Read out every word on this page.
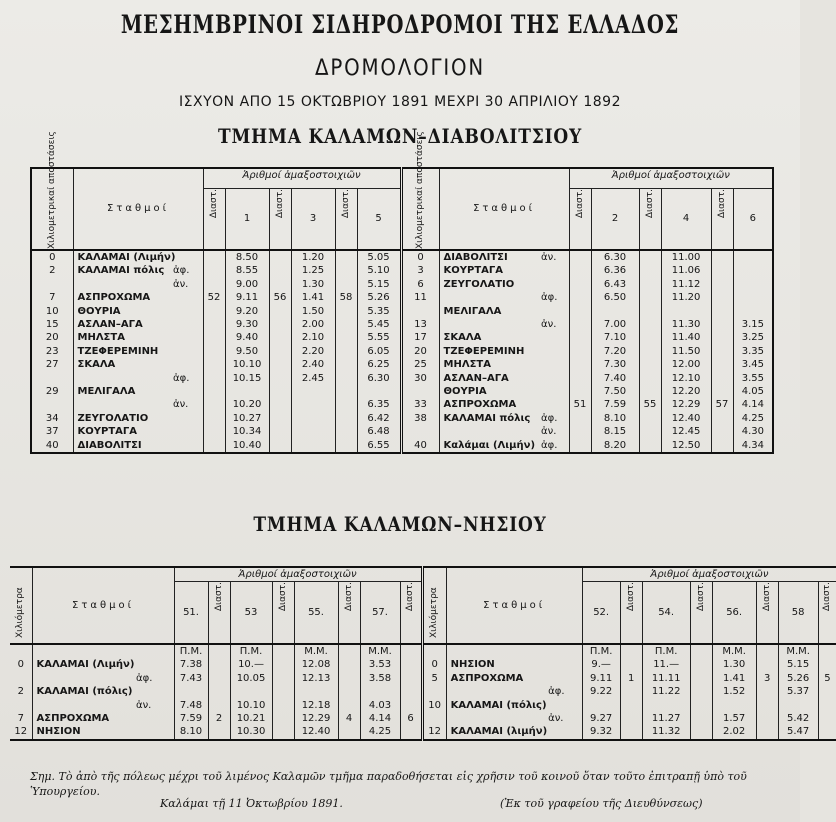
ΜΕΣΗΜΒΡΙΝΟΙ ΣΙΔΗΡΟΔΡΟΜΟΙ ΤΗΣ ΕΛΛΑΔΟΣ
ΔΡΟΜΟΛΟΓΙΟΝ
ΙΣΧΥΟΝ ΑΠΟ 15 ΟΚΤΩΒΡΙΟΥ 1891 ΜΕΧΡΙ 30 ΑΠΡΙΛΙΟΥ 1892
ΤΜΗΜΑ ΚΑΛΑΜΩΝ–ΔΙΑΒΟΛΙΤΣΙΟΥ
Χιλιομετρικαί αποστάσεις	Σταθμοί		Ἀριθμοί ἁμαξοστοιχιῶν						Χιλιομετρικαί αποστάσεις	Σταθμοί		Ἀριθμοί ἁμαξοστοιχιῶν					

			Διαστ.	1	Διαστ.	3	Διαστ.	5				Διαστ.	2	Διαστ.	4	Διαστ.	6
0	ΚΑΛΑΜΑΙ (Λιμήν)			8.50		1.20		5.05	0	ΔΙΑΒΟΛΙΤΣΙ	ἀν.		6.30		11.00		
2	ΚΑΛΑΜΑΙ πόλις	ἀφ.		8.55		1.25		5.10	3	ΚΟΥΡΤΑΓΑ			6.36		11.06		
		ἀν.		9.00		1.30		5.15	6	ΖΕΥΓΟΛΑΤΙΟ			6.43		11.12		
7	ΑΣΠΡΟΧΩΜΑ		52	9.11	56	1.41	58	5.26	11		ἀφ.		6.50		11.20		
10	ΘΟΥΡΙΑ			9.20		1.50		5.35		ΜΕΛΙΓΑΛΑ							
15	ΑΣΛΑΝ–ΑΓΑ			9.30		2.00		5.45	13		ἀν.		7.00		11.30		3.15
20	ΜΗΛΣΤΑ			9.40		2.10		5.55	17	ΣΚΑΛΑ			7.10		11.40		3.25
23	ΤΖΕΦΕΡΕΜΙΝΗ			9.50		2.20		6.05	20	ΤΖΕΦΕΡΕΜΙΝΗ			7.20		11.50		3.35
27	ΣΚΑΛΑ			10.10		2.40		6.25	25	ΜΗΛΣΤΑ			7.30		12.00		3.45
		ἀφ.		10.15		2.45		6.30	30	ΑΣΛΑΝ–ΑΓΑ			7.40		12.10		3.55
29	ΜΕΛΙΓΑΛΑ									ΘΟΥΡΙΑ			7.50		12.20		4.05
		ἀν.		10.20				6.35	33	ΑΣΠΡΟΧΩΜΑ		51	7.59	55	12.29	57	4.14
34	ΖΕΥΓΟΛΑΤΙΟ			10.27				6.42	38	ΚΑΛΑΜΑΙ πόλις	ἀφ.		8.10		12.40		4.25
37	ΚΟΥΡΤΑΓΑ			10.34				6.48			ἀν.		8.15		12.45		4.30
40	ΔΙΑΒΟΛΙΤΣΙ			10.40				6.55	40	Καλάμαι (Λιμήν)	ἀφ.		8.20		12.50		4.34
ΤΜΗΜΑ ΚΑΛΑΜΩΝ–ΝΗΣΙΟΥ
Χιλιόμετρα	Σταθμοί		Ἀριθμοί ἁμαξοστοιχιῶν								Χιλιόμετρα	Σταθμοί		Ἀριθμοί ἁμαξοστοιχιῶν							
			51.	Διαστ.	53	Διαστ.	55.	Διαστ.	57.	Διαστ.				52.	Διαστ.	54.	Διαστ.	56.	Διαστ.	58	Διαστ.

			Π.Μ.		Π.Μ.		Μ.Μ.		Μ.Μ.					Π.Μ.		Π.Μ.		Μ.Μ.		Μ.Μ.	
0	ΚΑΛΑΜΑΙ (Λιμήν)		7.38		10.—		12.08		3.53		0	ΝΗΣΙΟΝ		9.—		11.—		1.30		5.15	
		ἀφ.	7.43		10.05		12.13		3.58		5	ΑΣΠΡΟΧΩΜΑ		9.11	1	11.11		1.41	3	5.26	5
2	ΚΑΛΑΜΑΙ (πόλις)												ἀφ.	9.22		11.22		1.52		5.37	
		ἀν.	7.48		10.10		12.18		4.03		10	ΚΑΛΑΜΑΙ (πόλις)									
7	ΑΣΠΡΟΧΩΜΑ		7.59	2	10.21		12.29	4	4.14	6			ἀν.	9.27		11.27		1.57		5.42	
12	ΝΗΣΙΟΝ		8.10		10.30		12.40		4.25		12	ΚΑΛΑΜΑΙ (λιμήν)		9.32		11.32		2.02		5.47	
Σημ. Τὸ ἀπὸ τῆς πόλεως μέχρι τοῦ λιμένος Καλαμῶν τμῆμα παραδοθήσεται εἰς χρῆσιν τοῦ κοινοῦ ὅταν τοῦτο ἐπιτραπῇ ὑπὸ τοῦ Ὑπουργείου.
Καλάμαι τῇ 11 Ὀκτωβρίου 1891.	(Ἐκ τοῦ γραφείου τῆς Διευθύνσεως)
